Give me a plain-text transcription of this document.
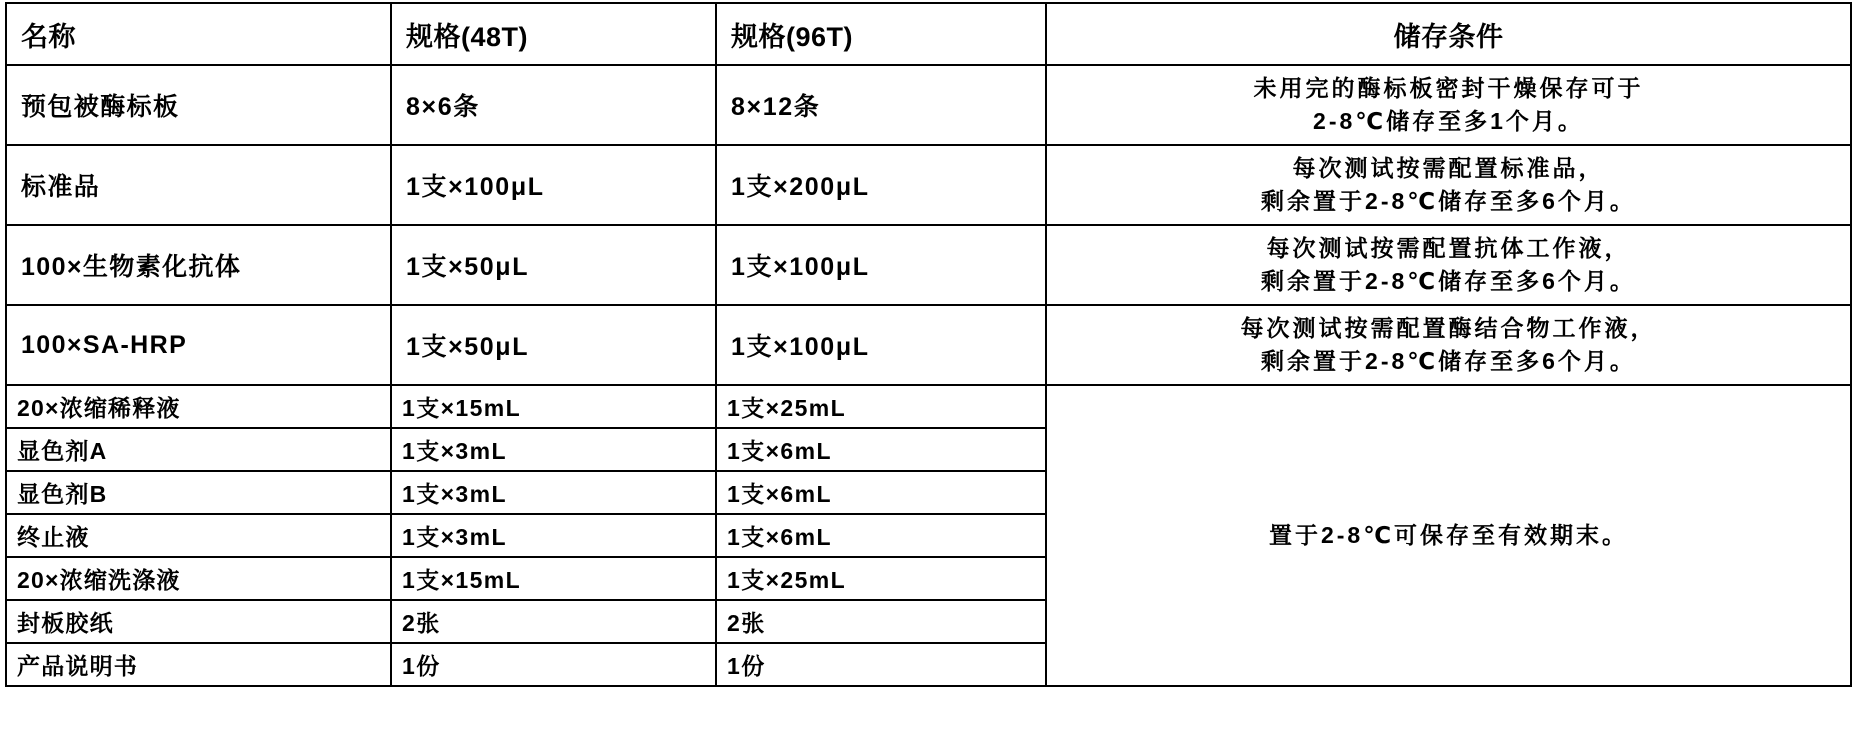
名称	规格(48T)	规格(96T)	储存条件
预包被酶标板	8×6条	8×12条	未用完的酶标板密封干燥保存可于
2-8℃储存至多1个月。

标准品	1支×100μL	1支×200μL	每次测试按需配置标准品，
剩余置于2-8℃储存至多6个月。

100×生物素化抗体	1支×50μL	1支×100μL	每次测试按需配置抗体工作液，
剩余置于2-8℃储存至多6个月。

100×SA-HRP	1支×50μL	1支×100μL	每次测试按需配置酶结合物工作液，
剩余置于2-8℃储存至多6个月。

20×浓缩稀释液	1支×15mL	1支×25mL	置于2-8℃可保存至有效期末。
显色剂A	1支×3mL	1支×6mL	
显色剂B	1支×3mL	1支×6mL	
终止液	1支×3mL	1支×6mL	
20×浓缩洗涤液	1支×15mL	1支×25mL	
封板胶纸	2张	2张	
产品说明书	1份	1份	
